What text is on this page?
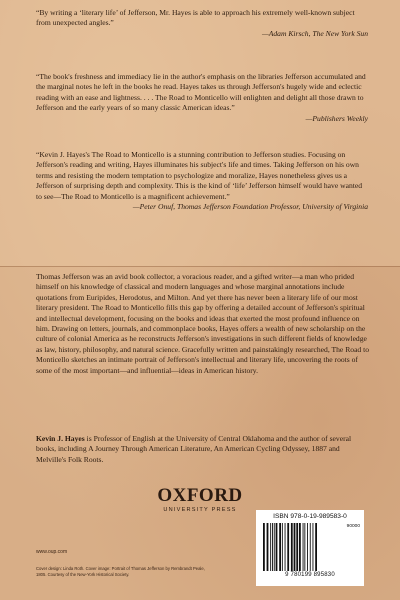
“By writing a ‘literary life’ of Jefferson, Mr. Hayes is able to approach his extremely well-known subject from unexpected angles.”
—Adam Kirsch, The New York Sun
“The book's freshness and immediacy lie in the author's emphasis on the libraries Jefferson accumulated and the marginal notes he left in the books he read. Hayes takes us through Jefferson's hugely wide and eclectic reading with an ease and lightness. . . . The Road to Monticello will enlighten and delight all those drawn to Jefferson and the early years of so many classic American ideas.”
—Publishers Weekly
“Kevin J. Hayes's The Road to Monticello is a stunning contribution to Jefferson studies. Focusing on Jefferson's reading and writing, Hayes illuminates his subject's life and times. Taking Jefferson on his own terms and resisting the modern temptation to psychologize and moralize, Hayes nonetheless gives us a Jefferson of surprising depth and complexity. This is the kind of ‘life’ Jefferson himself would have wanted to see—The Road to Monticello is a magnificent achievement.”
—Peter Onuf, Thomas Jefferson Foundation Professor, University of Virginia
Thomas Jefferson was an avid book collector, a voracious reader, and a gifted writer—a man who prided himself on his knowledge of classical and modern languages and whose marginal annotations include quotations from Euripides, Herodotus, and Milton. And yet there has never been a literary life of our most literary president. The Road to Monticello fills this gap by offering a detailed account of Jefferson's spiritual and intellectual development, focusing on the books and ideas that exerted the most profound influence on him. Drawing on letters, journals, and commonplace books, Hayes offers a wealth of new scholarship on the culture of colonial America as he reconstructs Jefferson's investigations in such different fields of knowledge as law, history, philosophy, and natural science. Gracefully written and painstakingly researched, The Road to Monticello sketches an intimate portrait of Jefferson's intellectual and literary life, uncovering the roots of some of the most important—and influential—ideas in American history.
Kevin J. Hayes is Professor of English at the University of Central Oklahoma and the author of several books, including A Journey Through American Literature, An American Cycling Odyssey, 1887 and Melville's Folk Roots.
OXFORD
UNIVERSITY PRESS
www.oup.com
Cover design: Linda Roth. Cover image: Portrait of Thomas Jefferson by Rembrandt Peale, 1805. Courtesy of the New-York Historical Society.
ISBN 978-0-19-989583-0
90000
9 780199 895830
